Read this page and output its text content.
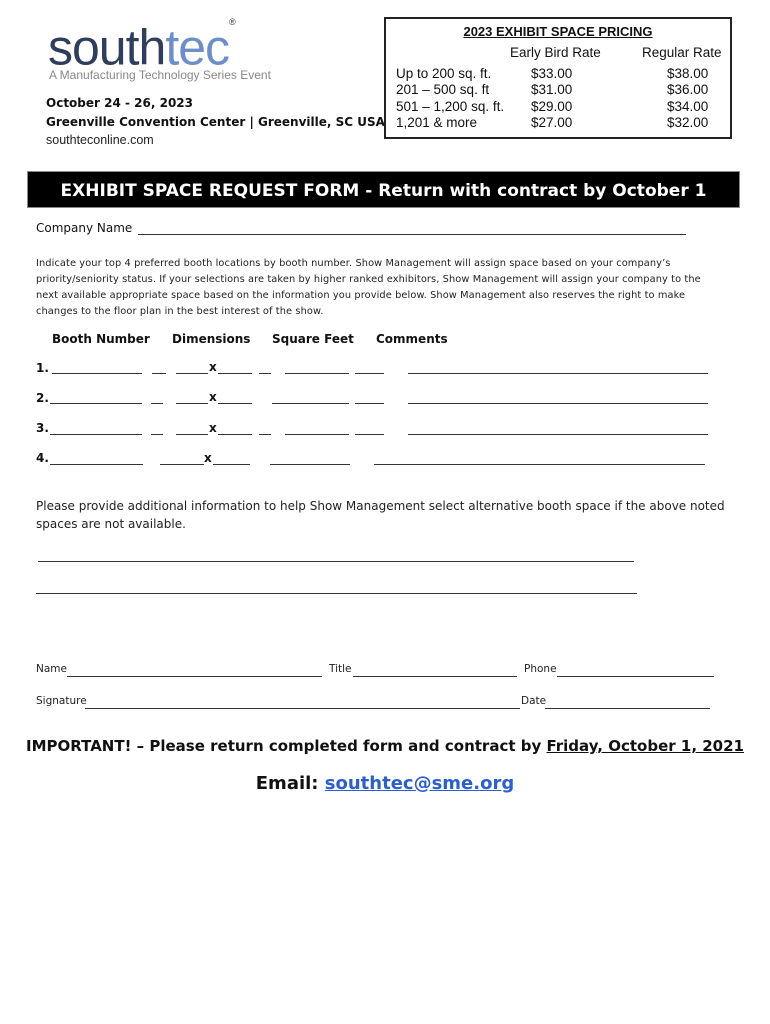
southtec®
A Manufacturing Technology Series Event
October 24 - 26, 2023
Greenville Convention Center | Greenville, SC USA
southteconline.com
2023 EXHIBIT SPACE PRICING
Early Bird Rate	Regular Rate
Up to 200 sq. ft.	$33.00	$38.00
201 – 500 sq. ft	$31.00	$36.00
501 – 1,200 sq. ft. $29.00	$34.00
1,201 & more	$27.00	$32.00
EXHIBIT SPACE REQUEST FORM - Return with contract by October 1
Company Name
Indicate your top 4 preferred booth locations by booth number. Show Management will assign space based on your company’s priority/seniority status. If your selections are taken by higher ranked exhibitors, Show Management will assign your company to the next available appropriate space based on the information you provide below. Show Management also reserves the right to make changes to the floor plan in the best interest of the show.
Booth Number Dimensions Square Feet Comments
1.	x
2.	x
3.	x
4.	x
Please provide additional information to help Show Management select alternative booth space if the above noted spaces are not available.
Name	Title	Phone
Signature	Date
IMPORTANT! – Please return completed form and contract by Friday, October 1, 2021
Email: southtec@sme.org
